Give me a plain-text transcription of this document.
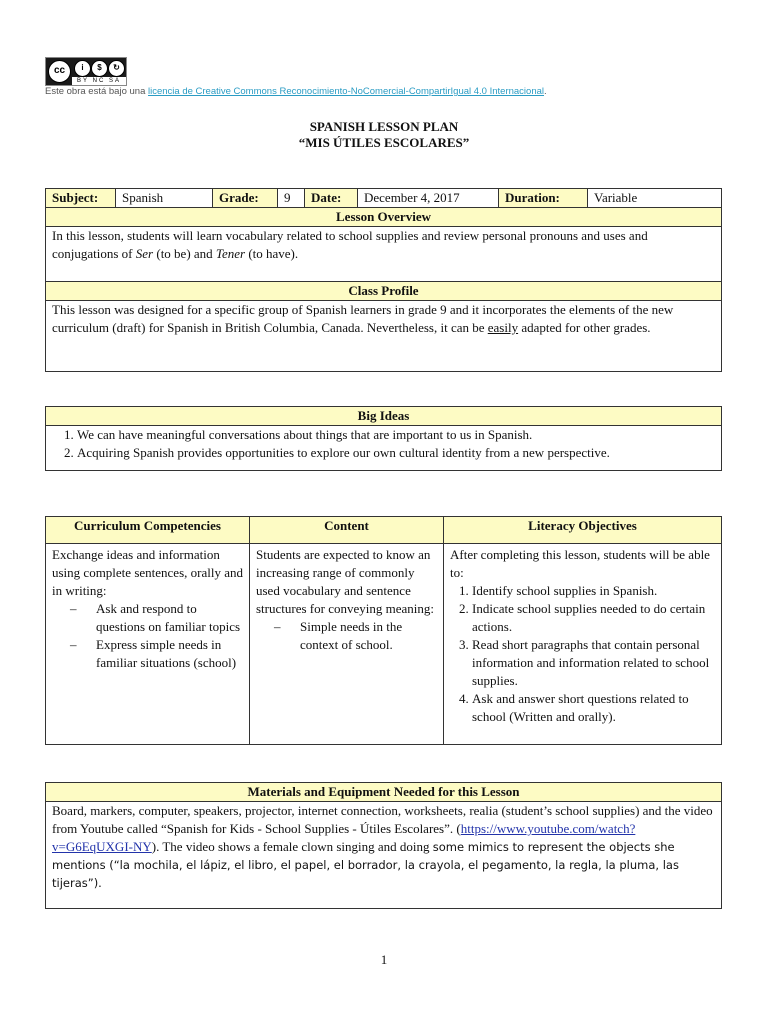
cc	i	$	↻
BY NC SA
Este obra está bajo una licencia de Creative Commons Reconocimiento-NoComercial-CompartirIgual 4.0 Internacional.
SPANISH LESSON PLAN
“MIS ÚTILES ESCOLARES”
Subject:	Spanish	Grade:	9	Date:	December 4, 2017	Duration:	Variable
Lesson Overview
In this lesson, students will learn vocabulary related to school supplies and review personal pronouns and uses and conjugations of Ser (to be) and Tener (to have).
Class Profile
This lesson was designed for a specific group of Spanish learners in grade 9 and it incorporates the elements of the new curriculum (draft) for Spanish in British Columbia, Canada. Nevertheless, it can be easily adapted for other grades.
Big Ideas

1. We can have meaningful conversations about things that are important to us in Spanish.
2. Acquiring Spanish provides opportunities to explore our own cultural identity from a new perspective.
Curriculum Competencies	Content	Literacy Objectives

Exchange ideas and information using complete sentences, orally and in writing:
– Ask and respond to questions on familiar topics
– Express simple needs in familiar situations (school)

Students are expected to know an increasing range of commonly used vocabulary and sentence structures for conveying meaning:
– Simple needs in the context of school.

After completing this lesson, students will be able to:
1. Identify school supplies in Spanish.
2. Indicate school supplies needed to do certain actions.
3. Read short paragraphs that contain personal information and information related to school supplies.
4. Ask and answer short questions related to school (Written and orally).
Materials and Equipment Needed for this Lesson
Board, markers, computer, speakers, projector, internet connection, worksheets, realia (student’s school supplies) and the video from Youtube called “Spanish for Kids - School Supplies - Útiles Escolares”. (https://www.youtube.com/watch?v=G6EqUXGI-NY). The video shows a female clown singing and doing some mimics to represent the objects she mentions (“la mochila, el lápiz, el libro, el papel, el borrador, la crayola, el pegamento, la regla, la pluma, las tijeras”).
1
